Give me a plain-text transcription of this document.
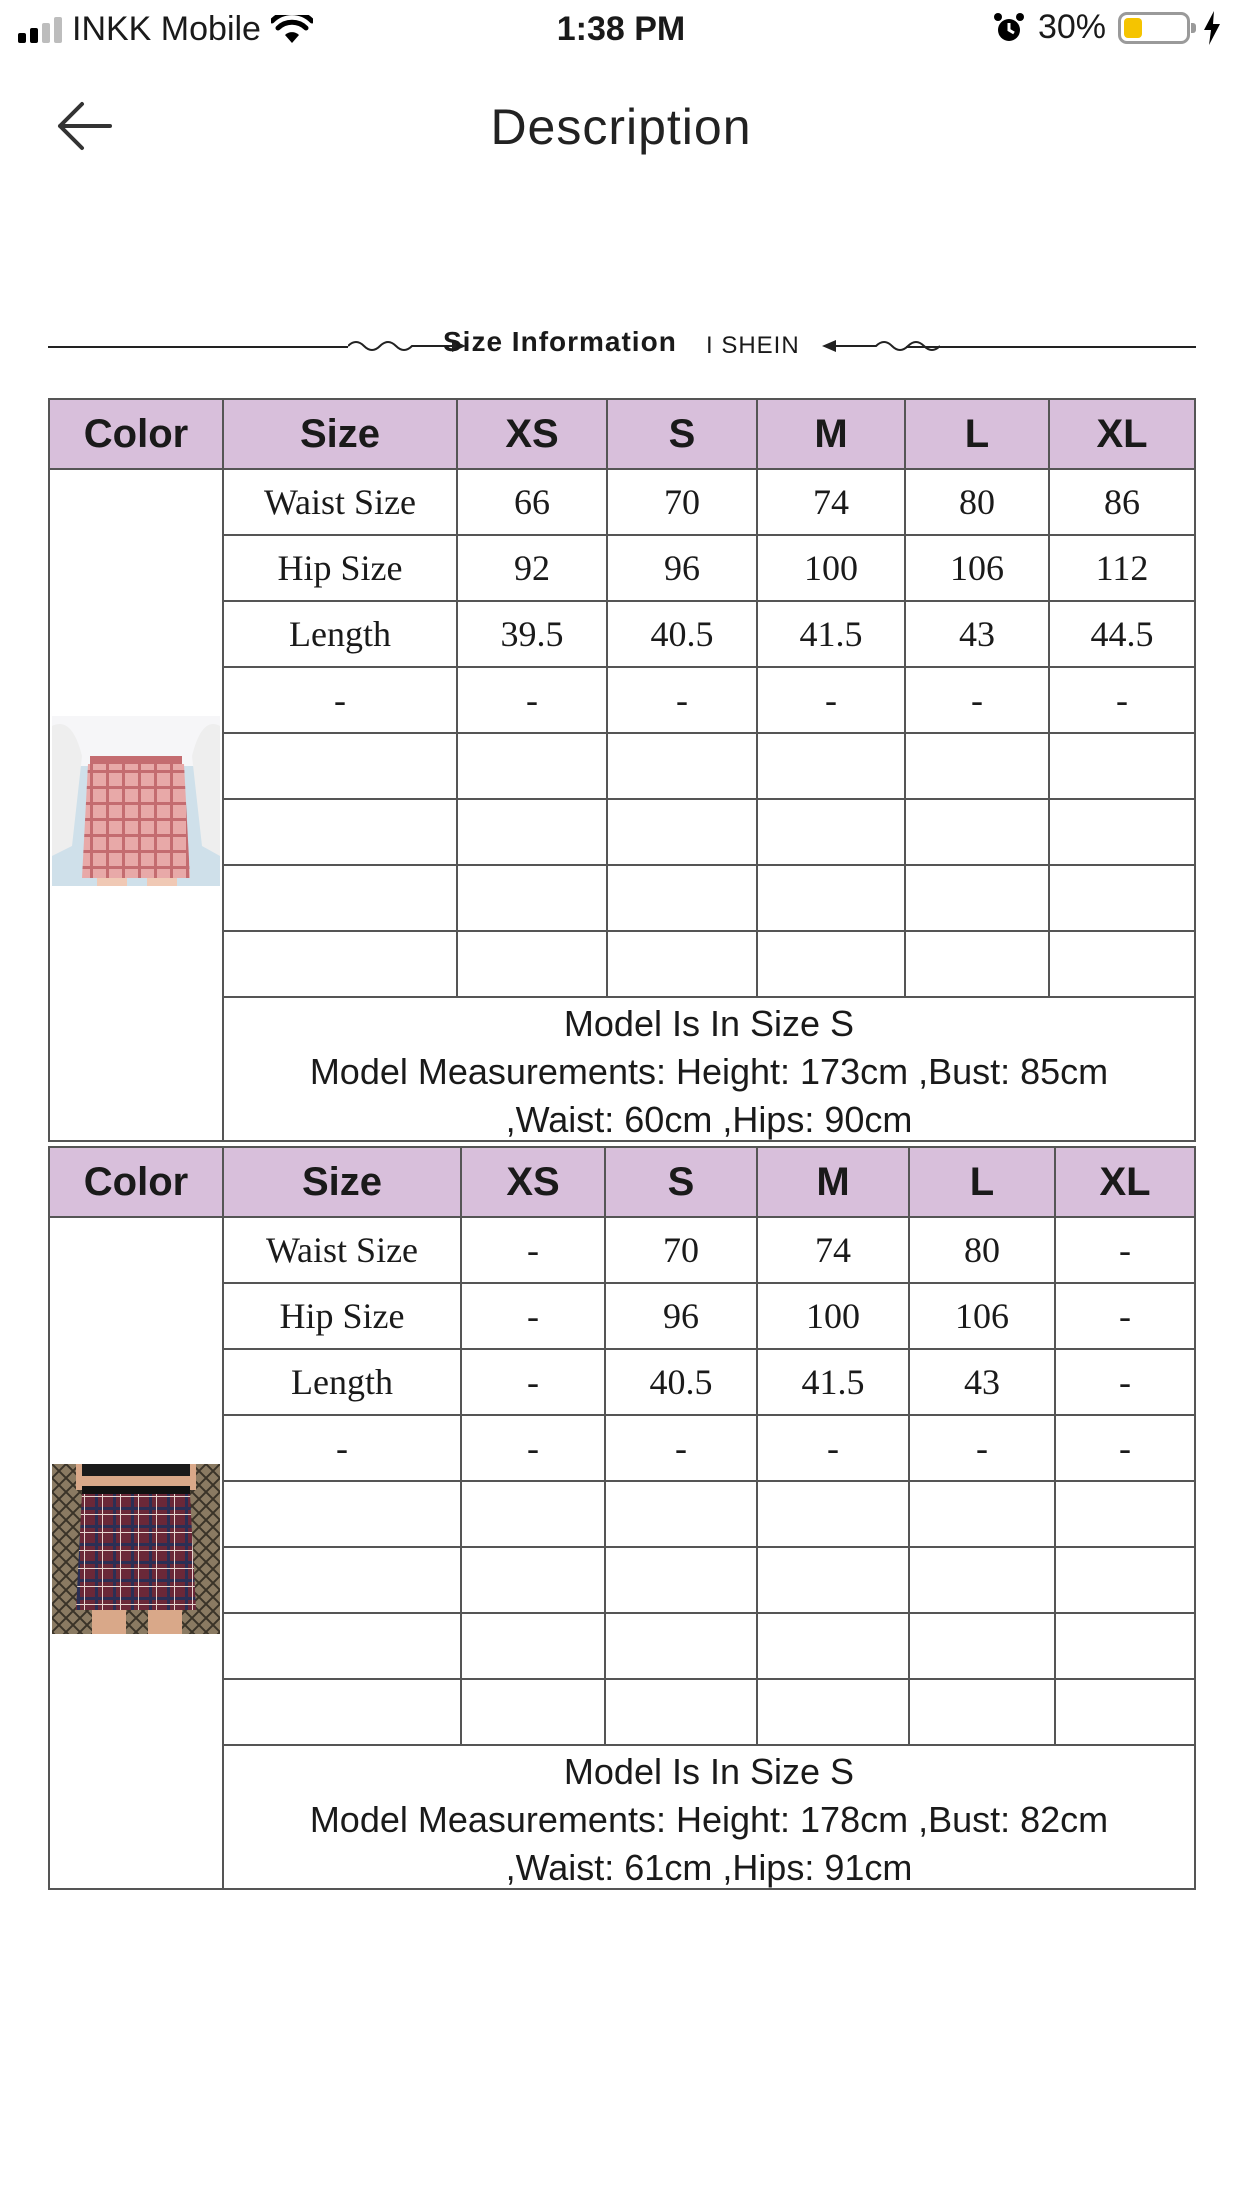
INKK Mobile	1:38 PM	30%
Description
Size Information I SHEIN
Color	Size	XS	S	M	L	XL
Waist Size	66	70	74	80	86
Hip Size	92	96	100	106	112
Length	39.5	40.5	41.5	43	44.5
-	-	-	-	-	-
Model Is In Size S
Model Measurements: Height: 173cm ,Bust: 85cm
,Waist: 60cm ,Hips: 90cm
Color	Size	XS	S	M	L	XL
Waist Size	-	70	74	80	-
Hip Size	-	96	100	106	-
Length	-	40.5	41.5	43	-
-	-	-	-	-	-
Model Is In Size S
Model Measurements: Height: 178cm ,Bust: 82cm
,Waist: 61cm ,Hips: 91cm
